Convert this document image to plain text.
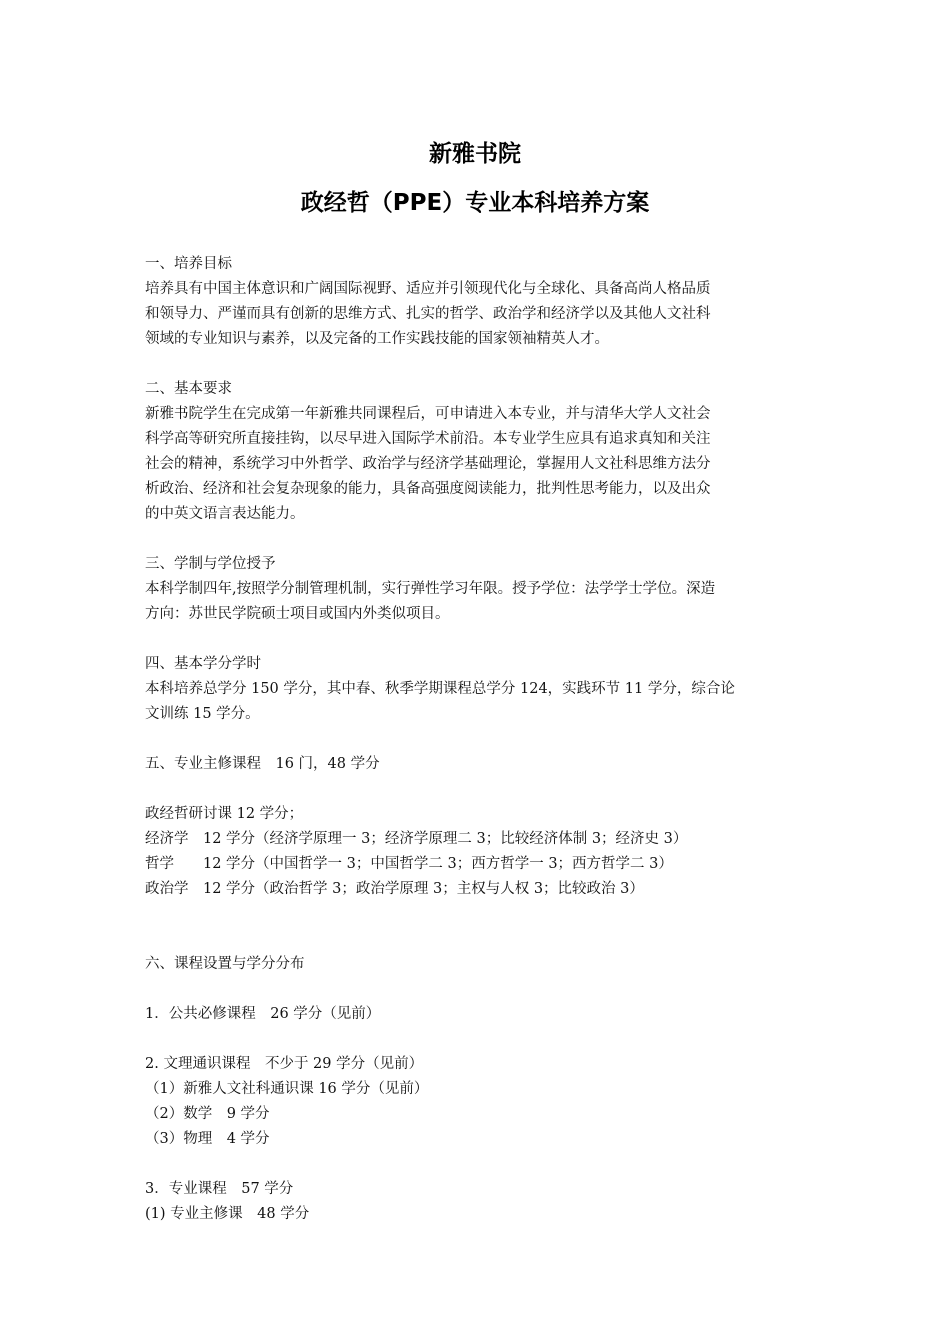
新雅书院
政经哲（PPE）专业本科培养方案

一、培养目标

培养具有中国主体意识和广阔国际视野、适应并引领现代化与全球化、具备高尚人格品质

和领导力、严谨而具有创新的思维方式、扎实的哲学、政治学和经济学以及其他人文社科

领域的专业知识与素养，以及完备的工作实践技能的国家领袖精英人才。

二、基本要求

新雅书院学生在完成第一年新雅共同课程后，可申请进入本专业，并与清华大学人文社会

科学高等研究所直接挂钩，以尽早进入国际学术前沿。本专业学生应具有追求真知和关注

社会的精神，系统学习中外哲学、政治学与经济学基础理论，掌握用人文社科思维方法分

析政治、经济和社会复杂现象的能力，具备高强度阅读能力，批判性思考能力，以及出众

的中英文语言表达能力。

三、学制与学位授予

本科学制四年,按照学分制管理机制，实行弹性学习年限。授予学位：法学学士学位。深造

方向：苏世民学院硕士项目或国内外类似项目。

四、基本学分学时

本科培养总学分 150 学分，其中春、秋季学期课程总学分 124，实践环节 11 学分，综合论

文训练 15 学分。

五、专业主修课程　16 门，48 学分

政经哲研讨课 12 学分；

经济学　12 学分（经济学原理一 3；经济学原理二 3；比较经济体制 3；经济史 3）

哲学　　12 学分（中国哲学一 3；中国哲学二 3；西方哲学一 3；西方哲学二 3）

政治学　12 学分（政治哲学 3；政治学原理 3；主权与人权 3；比较政治 3）

六、课程设置与学分分布

1．公共必修课程　26 学分（见前）

2. 文理通识课程　不少于 29 学分（见前）

（1）新雅人文社科通识课 16 学分（见前）

（2）数学　9 学分

（3）物理　4 学分

3．专业课程　57 学分

(1) 专业主修课　48 学分
